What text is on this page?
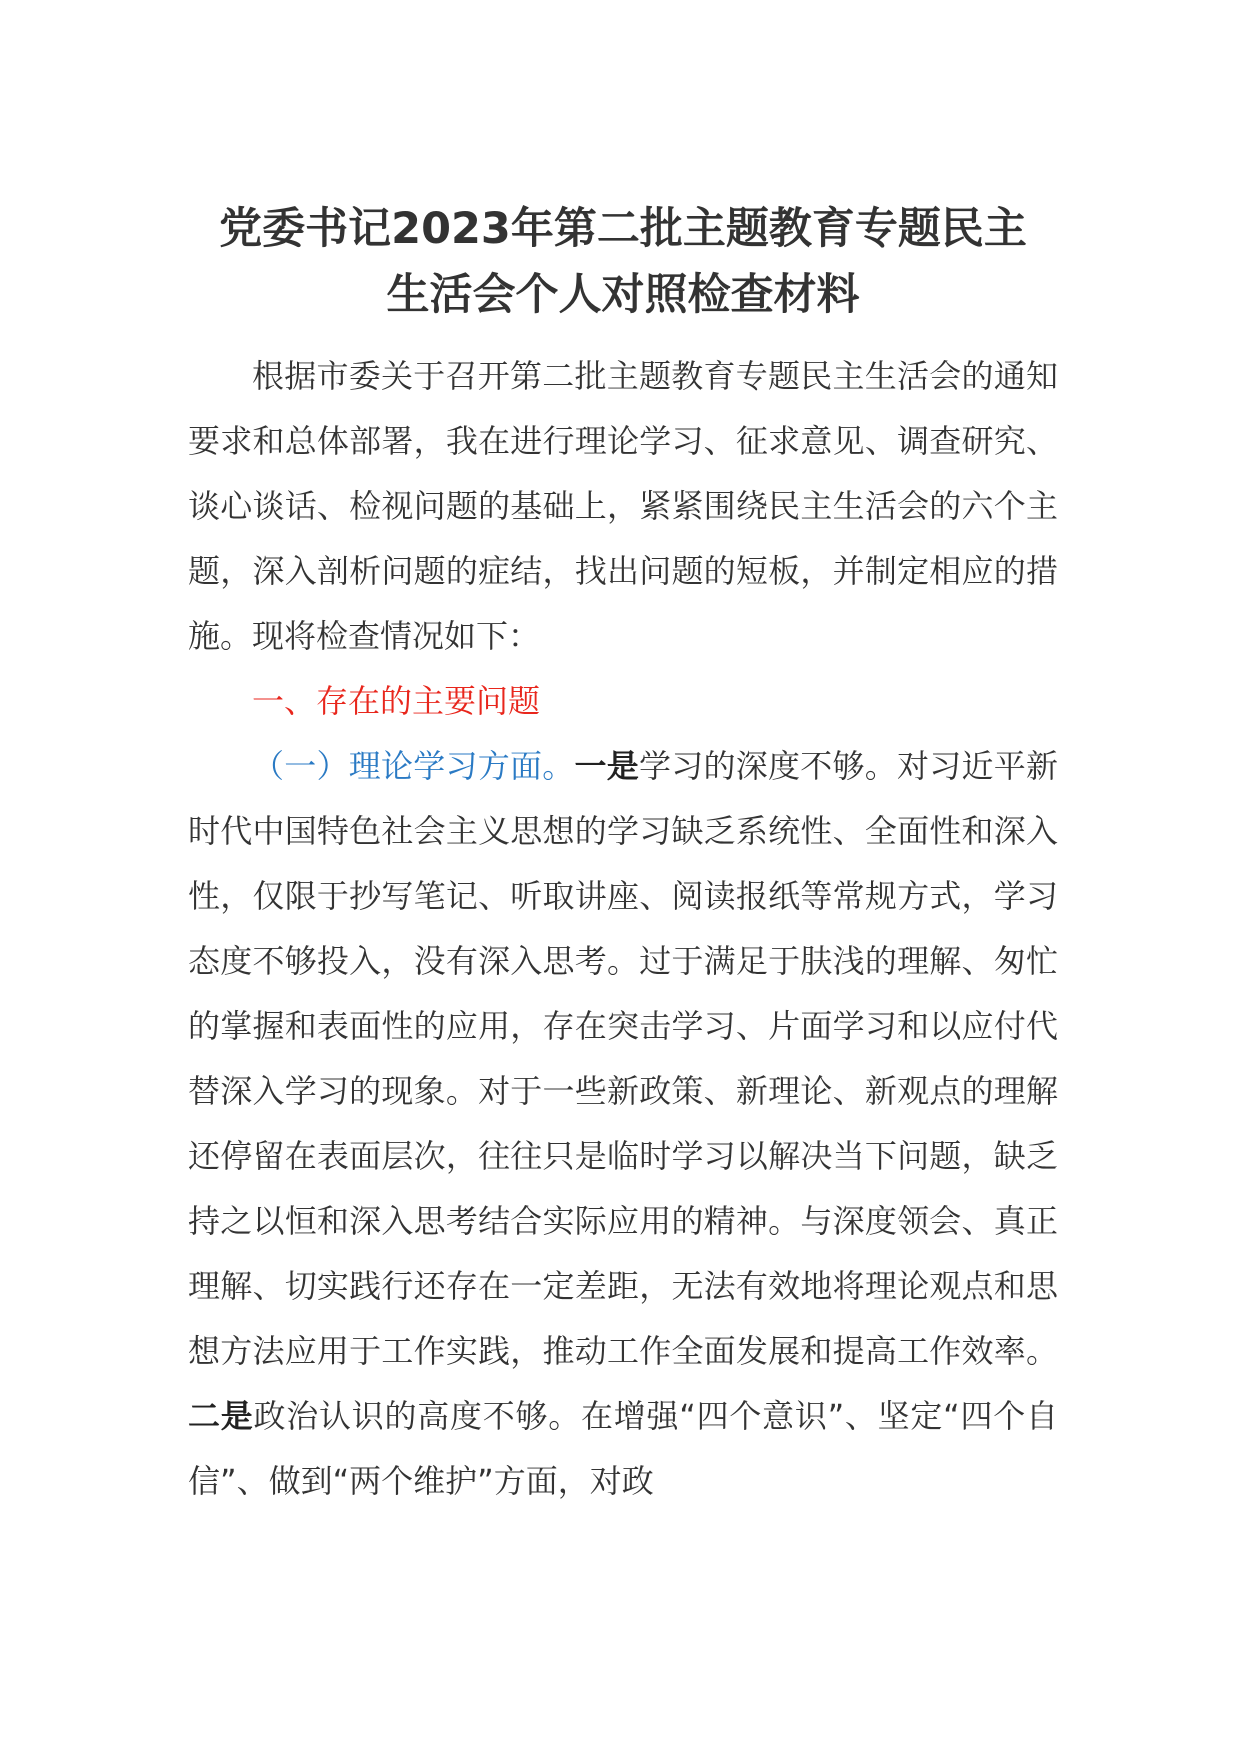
党委书记2023年第二批主题教育专题民主
生活会个人对照检查材料

根据市委关于召开第二批主题教育专题民主生活会的通知要求和总体部署，我在进行理论学习、征求意见、调查研究、谈心谈话、检视问题的基础上，紧紧围绕民主生活会的六个主题，深入剖析问题的症结，找出问题的短板，并制定相应的措施。现将检查情况如下：

一、存在的主要问题

（一）理论学习方面。一是学习的深度不够。对习近平新时代中国特色社会主义思想的学习缺乏系统性、全面性和深入性，仅限于抄写笔记、听取讲座、阅读报纸等常规方式，学习态度不够投入，没有深入思考。过于满足于肤浅的理解、匆忙的掌握和表面性的应用，存在突击学习、片面学习和以应付代替深入学习的现象。对于一些新政策、新理论、新观点的理解还停留在表面层次，往往只是临时学习以解决当下问题，缺乏持之以恒和深入思考结合实际应用的精神。与深度领会、真正理解、切实践行还存在一定差距，无法有效地将理论观点和思想方法应用于工作实践，推动工作全面发展和提高工作效率。二是政治认识的高度不够。在增强“四个意识”、坚定“四个自信”、做到“两个维护”方面，对政
